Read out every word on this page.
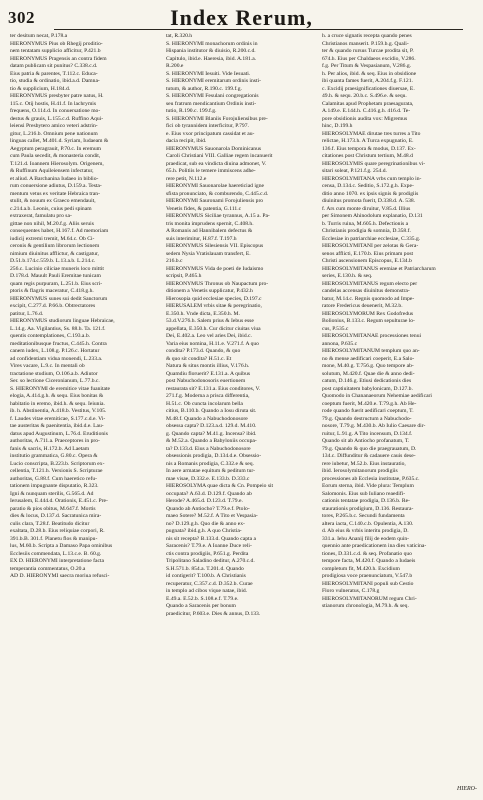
302	Index Rerum,
ter desitum necat, P.178.a
HIERONYMUS Pius ob Rhegij proditio-
nem tentatam supplicio afficitur, P.421.b
HIERONYMUS Pragensis an contra fidem
datam publicam sit punitus? C.338.c.d.
Eius patria & parentes, T.112.c. Educa-
tio, studia & ordinatio, ibid.a.d. Damna-
tio & supplicium, H.184.d.
HIERONYMUS presbyter patre natus, H.
115.c. Otij hostis, H.41.f. In lachrymis
frequens, O.114.d. In conuersatione mo-
destus & grauis, L.155.c.d. Ruffino Aqui-
leiensi Presbytero amico veteri adstrin-
gitur, L.216.b. Omnium pene nationum
linguas callet, M.401.d. Syriam, Iudaeam &
Aegyptum peragrauit, P.70.c. In eremum
cum Paula secedit, & monasteria condit,
T.121.d. Ioannem Hierosolym. Origenem,
& Ruffinum Aquileiensem infectatur,
et aliud. A Barchanina Iudaeo in biblio-
rum conuersione adiutus, D.159.a. Testa-
mentum vetus ex veritate Hebraica tran-
stulit, & nouum ex Graeco emendauit,
c.214.a.b. Leonis, cuius pedi spinam
extraxerat, famulatu pro sa-
gittae non nihil, M.20.f.g. Aliis seruis
consequentes habet, H.167.f. Ad memoriam
iudicij extremi tremit, M.64.c. Ob Ci-
ceronis & gentilium librorum lectionem
nimium diuinitus afflictur, & castigatur,
D.51.b.174.c.559.b. L.13.a.b. L.214.c.
256.c. Lucinio ciliciae muneris loco mittit
D.178.d. Mauult Pauli Eremitae tunicam
quam regis purpuram, L.251.b. Eius scri-
ptoris & flagris maceratur, C.418.g.h.
HIERONYMUS sunes sui dedit Sanctorum
excipit, C.277.d. P.66.b. Obtrectatores
patitur, L.76.d.
HIERONYMUS studiorum linguae Hebraicae,
L.14.g. Aa. Vigilantius, Ss. 88.h. Ta. 121.f.
quentis contemplationes, C.193.a.b.
meditationibusque fructus, C.445.h. Contra
canem iudex, L.108.g. P.126.c. Hortatur
ad confidentiam vidua monendi, L.233.a.
Vires vacare, L.9.c. In mentali ob
tractatione studium, O.106.a.b. Adiutor
Ser. so lectione Ciceronianum, L.77.b.c.
S. HIERONYMI de eremitice vitae fuanitate
elogia, A.414.g.h. & sequ. Eius bonitas &
habitatio in eremo, ibid.h. & sequ. Ieiunia.
ib. h. Abstinentia, A.418.b. Vestitus, V.105.
f. Laudes vitae eremiticae, S.177.c.d.e. Vi-
tae austeritas & paenitentia, ibid.d.e. Lau-
datus apud Augustinum, L.76.d. Eruditionis
authoritas, A.711.a. Praeceptores in pro-
fanis & sacris, H.172.b. Ad Laetam
institutio grammatica, G.80.c. Opera &
Lucio conscripta, B.223.b. Scriptorum ex-
cellentia, T.121.h. Versionis S. Scripturae
authoritas, G.88.f. Cum haeretico refu-
tationem impugnante disputatio, R.323.
Igni & nunquam sterilis, G.565.d. Ad
Ierusalem, E.444.d. Orationis, E.451.c. Pre-
paratio & pios obitus, M.647.f. Mortis
dies & locus, D.137.d. Sacratunica mira-
culis clara, T.28.f. Beatitudo dicitur
exaltata, D.28.b. Eius reliquiae corpori, R.
391.b.B. 301.f. Planetu flos & manipu-
lus, M.60.b. Scripta a Damaso Papa ominibus
Ecclesiis commendata, L.13.c.e. B. 60.g.
EX D. HIERONYMI interpretatione facta
temperantia commentatus, O.20.a
AD D. HIERONYMI saecra moriua refusci-
tat, R.320.h
S. HIERONYMI monachorum ordinis in
Hispania institutor & diuisio, R.200.c.d.
Capitulo, ibid.e. Haeresia, ibid. A.181.a.
R.200.e
S. HIERONYMI Iesuiti. Vide Iesuati.
S. HIERONYMI eremitarum ordinis insti-
tutum, & author, R.190.c. 199.f.g.
S. HIERONYMI Fesulani congregationis
seu fratrum mendicantium Ordinis insti-
tutio, R.190.c. 199.f.g.
S. HIERONYMI Blaniis Forojuliensibus pre-
fici ob tyrannidem interficitur, P.797.
e. Eius vxor principatum cassidat et au-
dacia recipit, ibid.
HIERONYMUS Sauonarola Dominicanus
Caroli Christiani VIII. Galliae regem incanuerit
praedicat, sub ea vindicta diuina admonet, V.
65.h. Politiis le temere immiscens adhe-
rere petit, N.112.e
HIERONYMI Sauonarolae haereticiad igne
sfista pronunciato, & comburendo, C.445.c.d.
HIERONYMI Sauronami Forojuliensis pro
Venetis fides, & patentia, G.111.c
HIERONYMUS Siciliae tyrannus, A.15 a. Pa-
tris monita imprudens spernit, C.408.h.
A Romanis ad Hannibalem defectus &
suis interimitur, H.87.f. T.197.h
HIERONYMUS Silesiensis VII. Episcopus
sedem Nysia Vratislauam transfert, E.
216.b.c
HIERONYMUS Vida de poeti de Iudaismo
scripsit, P.465.h
HIERONYMUS Thronus ob Naupactum pro-
ditionem a Venetis supplicatur, P.432.h
Hierosopia quid ecclesiae species, D.197.c
HIERUSALEM vrbis sitae & peregrinatio,
E.350.h. Vnde dicta, E.350.h. M.
53.d.V.276.h. Salem prius & Iebus esse
appellata, E.350.h. Cur dicitur ciuitas viua
Dei, E.402.a. Leo vel aries Dei, ibid.c.
Varia eius nomina, H.11.e. V.271.f. A quo
condita? P.173.d. Quando, & quo
& quo sit condita? H.51.c. Et
Natura & situs montis illius, V.176.h.
Quamdiu floruerit? E.131.a. A quibus
post Nabuchodonosoris euertionem
restaurata sit? E.131.a. Eius conditores, V.
271.f.g. Moderna a prisca differentia,
H.51.c. Ob cuncta incolarum bella
citius, B.110.b. Quando a Iosu diruta sit.
M.48.f. Quando a Nabuchodonosore
obsessa capta? D.123.a.d. 129.d. M.410.
g. Quando capta? M.41.g. Incensa? ibid.
& M.52.a. Quando a Babyloniis occupa-
ta? D.133.d. Eius a Nabuchodonosore
obsessionis prodigia, D.134.d.e. Obsessio-
nis a Romanis prodigia, C.332.e & seq.
In aere armatae equitum & peditum tur-
mae visae, D.332.e. E.133.b. D.333.c
HIEROSOLYMA quae dicta & Cn. Pompeio sit
occupata? A.63.d. D.129.f. Quando ab
Herode? A.465.d. D.123.d. T.79.e.
Quando ab Antiocho? T.79.e.f. Ptolo-
maeo Sotere? M.52.f. A Tito et Vespasia-
no? D.129.g.h. Quo die & anno ex-
pugnata? ibid.g.h. A quo Christia-
nis sit recepta? B.133.d. Quando capta a
Saracenis? T.79.e. A Ioanne Duce reli-
ctis contra prodigiis, P.651.g. Perdita
Tripolitano Saladino deditur, A.270.c.d.
S.H.571.b. 854.a. T.201.d. Quando
id contigerit? T.100.b. A Christianis
recuperatur, C.357.c.d. D.352.b. Curae
in templo ad cibos vique natae, ibid.
E.49.a. E.52.b. S.108.e.f. T.79.e.
Quando a Saracenis per bonum
praedicitur, P.603.e. Dies & annus, D.133.
h. a cruce signatis recepta quando penes
Christianos manserit. P.159.b.g. Quali-
ter & quando rursus Turcae prodita sit, P.
674.h. Eius per Chaldaeos excidio, V.286.
f.g. Per Titum & Vespasianum, V.286.g.
h. Per alios, ibid. & seq. Eius in obsidione
ibi quanta fames fuerit, A.204.f.g. F.121.
c. Excidij praesignificationes diuersae, E.
49.h. & sequ. 20.b.c. S.496.e. & sequ.
Calamitas apud Prophetam praesagurata,
A.149.e. E.144.h. C.416.g.h. 416.d. Te-
pore obsidionis audita vox: Migremus
hinc, D.199.h
HIEROSOLYMAE dirutae tres turres a Tito
relictae, H.173.h. A Turca expugnatio, E.
136.f. Eius tempora & modus, D.137. Ex-
citationes post Christum tertium, M.48.d
HIEROSOLYMIS quare peregrinationibus vi-
sitari soleat, P.121.f.g. 254.d.
HIEROSOLYMITANA vrbs cum templo in-
censa, D.134.c. Seditio, S.172.g.h. Expe-
ditio anno 1070. ex ipsis signis & prodigiis
diuinitus promota fuerit, D.338.d. A. 538.
f. Ars cum monte diruitur, V.85.d. Illius
per Simonem Ahinodolum explanatio, D.131
b. Turris ruina, M.605.h. Defectionis a
Christianis prodigia & somnia, D.358.f.
Ecclesiae in patriarchiae ecclesiae, C.335.g.
HIEROSOLYMITANI per zelotas & Gera-
senos afflicti, E.170.b. Eius primam post
Christi ascensionem Episcopus, E.134.b
HIEROSOLYMITANUS eremiae et Patriarcharum
series, E.130.h. & seq.
HIEROSOLYMITANUS regum electo per
candelas accensas diuinitus demonstra-
batur, M.14.c. Regnis quomodo ad Impe-
ratore Fredericus deuenerit, M.32.b.
HIEROSOLYMORUM Rex Godofredus
Bolionius, B.133.c. Regum sepulturae lo-
cus, P.535.c
HIEROSOLYMITANAE processiones tenui
annona, P.635.c
HIEROSOLYMITANUM templum quo an-
no & mense aedificari coeperit, E.a Salo-
mone, M.40.g. T.756.g. Quo tempore ab-
solutum, M.420.f. Quae die & anno dedi-
catum, D.146.g. Etiusi dedicationis dies
post captiuitatem babylonicam, D.127.b.
Quomodo in Chananaeorum Nehemiae aedificari
coeptum fuerit, M.420.e. T.79.g.h. Ab He-
rode quando fuerit aedificari coeptum, T.
79.g. Quando destructum a Nabuchodo-
nosore, T.79.g. M.430.b. Ab Iulio Caesare dir-
ruitur, L.91.g. A Tito incensum, D.134.f.
Quando sit ab Antiocho profanatum, T.
79.g. Quando & quo die praegrauatum, D.
134.c. Diffunditur & cadauere cauis dese-
rere iubetur, M.52.b. Eius instauratio,
ibid. Ierosolymitanorum prodigiis
processiones ab Ecclesia institutae, P.635.c.
Eorum sterna, ibid. Vide plura: Templum
Salomonis. Eius sub Iuliano reaedifi-
cationis tentatae prodigia, D.136.b. Re-
staurationis prodigium, D.136. Restaura-
tores, P.265.b.c. Secundi fundamenta
altera iacta, C.140.c.b. Opulentia, A.130.
d. Ab eius & vrbis interitu prodigia, D.
331.a. Iehu Ananij filij de eodem quin-
quennio ante praedicationem ina dies vaticina-
tiones, D.331.c.d. & seq. Profanatio quo
tempore facta, M.420.f. Quando a Iudaeis
completum fit, M.420.h. Excidium
prodigiosa voce praenunciatum, V.547.b
HIEROSOLYMITANI populi sub Cestio
Floro vulneratus, C.178.g
HIEROSOLYMITANORUM regum Chri-
stianorum chronologia, M.79.h. & seq.
HIERO-
